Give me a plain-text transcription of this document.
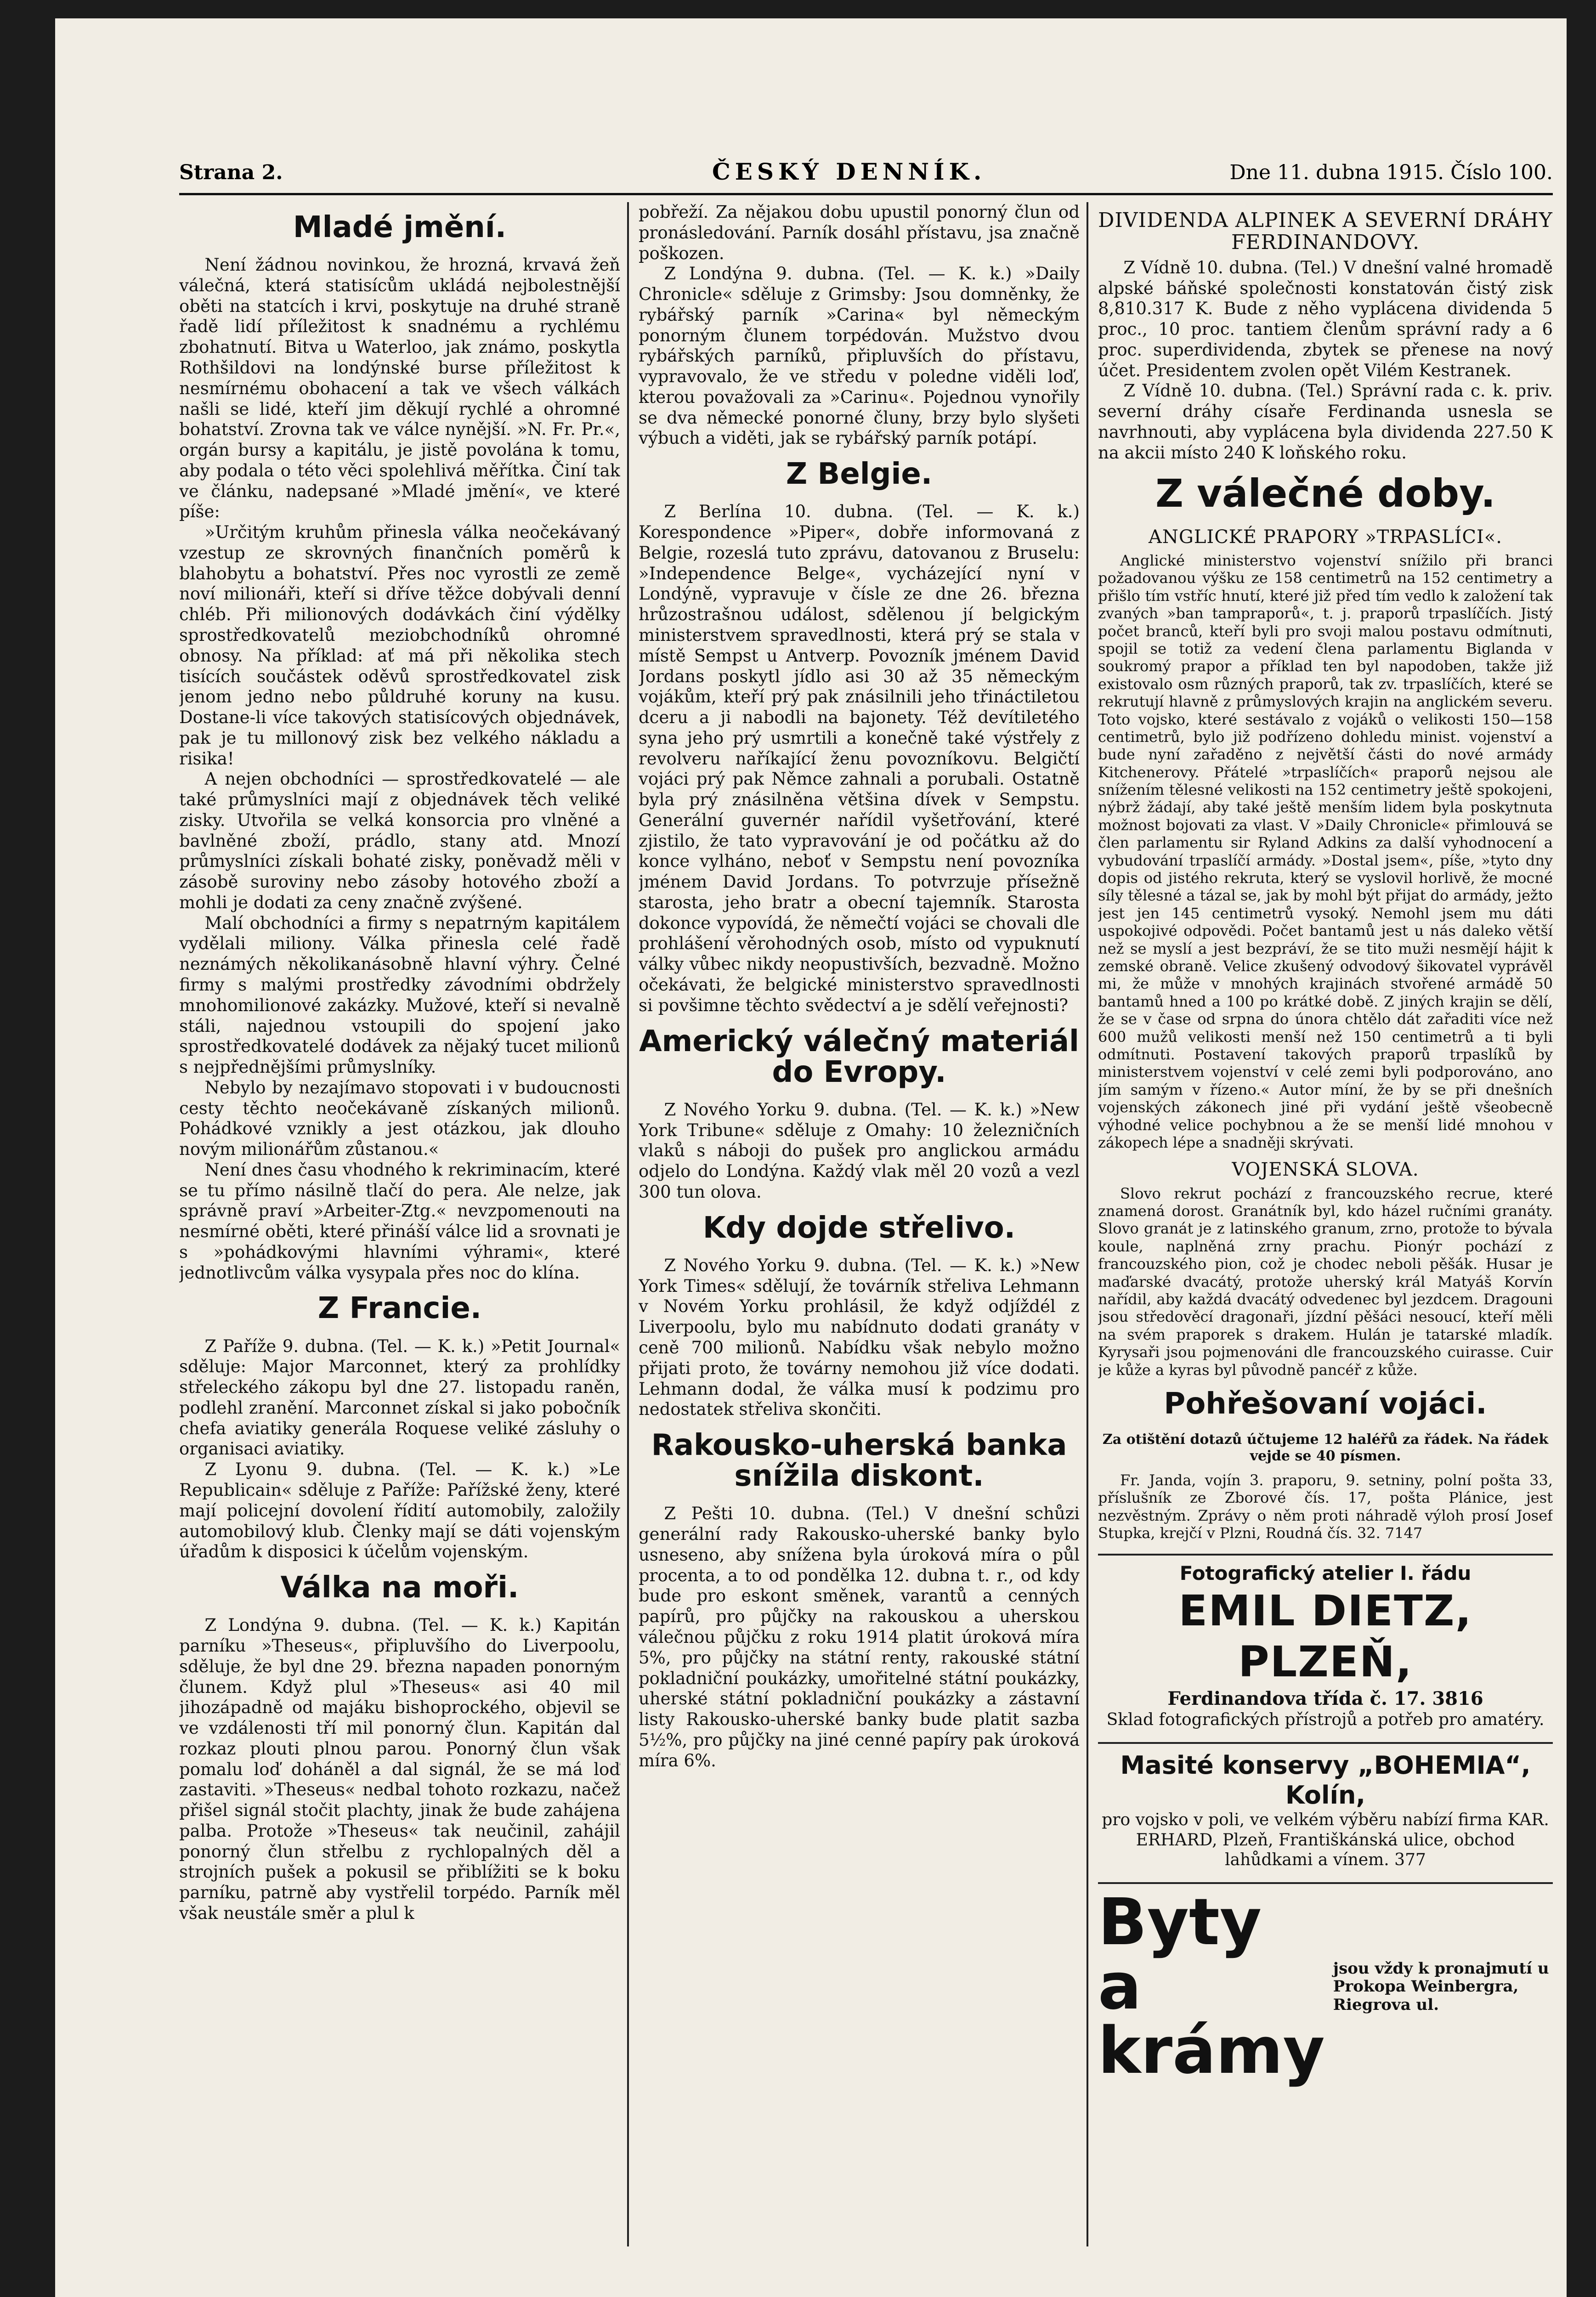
Strana 2.	ČESKÝ DENNÍK.	Dne 11. dubna 1915. Číslo 100.
Mladé jmění.

Není žádnou novinkou, že hrozná, krvavá žeň válečná, která statisícům ukládá nejbolestnější oběti na statcích i krvi, poskytuje na druhé straně řadě lidí příležitost k snadnému a rychlému zbohatnutí. Bitva u Waterloo, jak známo, poskytla Rothšildovi na londýnské burse příležitost k nesmírnému obohacení a tak ve všech válkách našli se lidé, kteří jim děkují rychlé a ohromné bohatství. Zrovna tak ve válce nynější. »N. Fr. Pr.«, orgán bursy a kapitálu, je jistě povolána k tomu, aby podala o této věci spolehlivá měřítka. Činí tak ve článku, nadepsané »Mladé jmění«, ve které píše:

»Určitým kruhům přinesla válka neočekávaný vzestup ze skrovných finančních poměrů k blahobytu a bohatství. Přes noc vyrostli ze země noví milionáři, kteří si dříve těžce dobývali denní chléb. Při milionových dodávkách činí výdělky sprostředkovatelů meziobchodníků ohromné obnosy. Na příklad: ať má při několika stech tisících součástek oděvů sprostředkovatel zisk jenom jedno nebo půldruhé koruny na kusu. Dostane-li více takových statisícových objednávek, pak je tu millonový zisk bez velkého nákladu a risika!

A nejen obchodníci — sprostředkovatelé — ale také průmyslníci mají z objednávek těch veliké zisky. Utvořila se velká konsorcia pro vlněné a bavlněné zboží, prádlo, stany atd. Mnozí průmyslníci získali bohaté zisky, poněvadž měli v zásobě suroviny nebo zásoby hotového zboží a mohli je dodati za ceny značně zvýšené.

Malí obchodníci a firmy s nepatrným kapitálem vydělali miliony. Válka přinesla celé řadě neznámých několikanásobně hlavní výhry. Čelné firmy s malými prostředky závodními obdržely mnohomilionové zakázky. Mužové, kteří si nevalně stáli, najednou vstoupili do spojení jako sprostředkovatelé dodávek za nějaký tucet milionů s nejpřednějšími průmyslníky.

Nebylo by nezajímavo stopovati i v budoucnosti cesty těchto neočekávaně získaných milionů. Pohádkové vznikly a jest otázkou, jak dlouho novým milionářům zůstanou.«

Není dnes času vhodného k rekriminacím, které se tu přímo násilně tlačí do pera. Ale nelze, jak správně praví »Arbeiter-Ztg.« nevzpomenouti na nesmírné oběti, které přináší válce lid a srovnati je s »pohádkovými hlavními výhrami«, které jednotlivcům válka vysypala přes noc do klína.

Z Francie.

Z Paříže 9. dubna. (Tel. — K. k.) »Petit Journal« sděluje: Major Marconnet, který za prohlídky střeleckého zákopu byl dne 27. listopadu raněn, podlehl zranění. Marconnet získal si jako pobočník chefa aviatiky generála Roquese veliké zásluhy o organisaci aviatiky.

Z Lyonu 9. dubna. (Tel. — K. k.) »Le Republicain« sděluje z Paříže: Pařížské ženy, které mají policejní dovolení řídití automobily, založily automobilový klub. Členky mají se dáti vojenským úřadům k disposici k účelům vojenským.

Válka na moři.

Z Londýna 9. dubna. (Tel. — K. k.) Kapitán parníku »Theseus«, připluvšího do Liverpoolu, sděluje, že byl dne 29. března napaden ponorným člunem. Když plul »Theseus« asi 40 mil jihozápadně od majáku bishoprockého, objevil se ve vzdálenosti tří mil ponorný člun. Kapitán dal rozkaz plouti plnou parou. Ponorný člun však pomalu loď doháněl a dal signál, že se má loď zastaviti. »Theseus« nedbal tohoto rozkazu, načež přišel signál stočit plachty, jinak že bude zahájena palba. Protože »Theseus« tak neučinil, zahájil ponorný člun střelbu z rychlopalných děl a strojních pušek a pokusil se přiblížiti se k boku parníku, patrně aby vystřelil torpédo. Parník měl však neustále směr a plul k

pobřeží. Za nějakou dobu upustil ponorný člun od pronásledování. Parník dosáhl přístavu, jsa značně poškozen.

Z Londýna 9. dubna. (Tel. — K. k.) »Daily Chronicle« sděluje z Grimsby: Jsou domněnky, že rybářský parník »Carina« byl německým ponorným člunem torpédován. Mužstvo dvou rybářských parníků, připluvších do přístavu, vypravovalo, že ve středu v poledne viděli loď, kterou považovali za »Carinu«. Pojednou vynořily se dva německé ponorné čluny, brzy bylo slyšeti výbuch a viděti, jak se rybářský parník potápí.

Z Belgie.

Z Berlína 10. dubna. (Tel. — K. k.) Korespondence »Piper«, dobře informovaná z Belgie, rozeslá tuto zprávu, datovanou z Bruselu: »Independence Belge«, vycházející nyní v Londýně, vypravuje v čísle ze dne 26. března hrůzostrašnou událost, sdělenou jí belgickým ministerstvem spravedlnosti, která prý se stala v místě Sempst u Antverp. Povozník jménem David Jordans poskytl jídlo asi 30 až 35 německým vojákům, kteří prý pak znásilnili jeho třináctiletou dceru a ji nabodli na bajonety. Též devítiletého syna jeho prý usmrtili a konečně také výstřely z revolveru naříkající ženu povozníkovu. Belgičtí vojáci prý pak Němce zahnali a porubali. Ostatně byla prý znásilněna většina dívek v Sempstu. Generální guvernér nařídil vyšetřování, které zjistilo, že tato vypravování je od počátku až do konce vylháno, neboť v Sempstu není povozníka jménem David Jordans. To potvrzuje přísežně starosta, jeho bratr a obecní tajemník. Starosta dokonce vypovídá, že němečtí vojáci se chovali dle prohlášení věrohodných osob, místo od vypuknutí války vůbec nikdy neopustivších, bezvadně. Možno očekávati, že belgické ministerstvo spravedlnosti si povšimne těchto svědectví a je sdělí veřejnosti?

Americký válečný materiál do Evropy.

Z Nového Yorku 9. dubna. (Tel. — K. k.) »New York Tribune« sděluje z Omahy: 10 železničních vlaků s náboji do pušek pro anglickou armádu odjelo do Londýna. Každý vlak měl 20 vozů a vezl 300 tun olova.

Kdy dojde střelivo.

Z Nového Yorku 9. dubna. (Tel. — K. k.) »New York Times« sdělují, že továrník střeliva Lehmann v Novém Yorku prohlásil, že když odjíždél z Liverpoolu, bylo mu nabídnuto dodati granáty v ceně 700 milionů. Nabídku však nebylo možno přijati proto, že továrny nemohou již více dodati. Lehmann dodal, že válka musí k podzimu pro nedostatek střeliva skončiti.

Rakousko-uherská banka snížila diskont.

Z Pešti 10. dubna. (Tel.) V dnešní schůzi generální rady Rakousko-uherské banky bylo usneseno, aby snížena byla úroková míra o půl procenta, a to od pondělka 12. dubna t. r., od kdy bude pro eskont směnek, varantů a cenných papírů, pro půjčky na rakouskou a uherskou válečnou půjčku z roku 1914 platit úroková míra 5%, pro půjčky na státní renty, rakouské státní pokladniční poukázky, umořitelné státní poukázky, uherské státní pokladniční poukázky a zástavní listy Rakousko-uherské banky bude platit sazba 5½%, pro půjčky na jiné cenné papíry pak úroková míra 6%.

DIVIDENDA ALPINEK A SEVERNÍ DRÁHY FERDINANDOVY.

Z Vídně 10. dubna. (Tel.) V dnešní valné hromadě alpské báňské společnosti konstatován čistý zisk 8,810.317 K. Bude z něho vyplácena dividenda 5 proc., 10 proc. tantiem členům správní rady a 6 proc. superdividenda, zbytek se přenese na nový účet. Presidentem zvolen opět Vilém Kestranek.

Z Vídně 10. dubna. (Tel.) Správní rada c. k. priv. severní dráhy císaře Ferdinanda usnesla se navrhnouti, aby vyplácena byla dividenda 227.50 K na akcii místo 240 K loňského roku.

Z válečné doby.
ANGLICKÉ PRAPORY »TRPASLÍCI«.

Anglické ministerstvo vojenství snížilo při branci požadovanou výšku ze 158 centimetrů na 152 centimetry a přišlo tím vstříc hnutí, které již před tím vedlo k založení tak zvaných »ban tampraporů«, t. j. praporů trpaslíčích. Jistý počet branců, kteří byli pro svoji malou postavu odmítnuti, spojil se totiž za vedení člena parlamentu Biglanda v soukromý prapor a příklad ten byl napodoben, takže již existovalo osm různých praporů, tak zv. trpaslíčích, které se rekrutují hlavně z průmyslových krajin na anglickém severu. Toto vojsko, které sestávalo z vojáků o velikosti 150—158 centimetrů, bylo již podřízeno dohledu minist. vojenství a bude nyní zařaděno z největší části do nové armády Kitchenerovy. Přátelé »trpaslíčích« praporů nejsou ale snížením tělesné velikosti na 152 centimetry ještě spokojeni, nýbrž žádají, aby také ještě menším lidem byla poskytnuta možnost bojovati za vlast. V »Daily Chronicle« přimlouvá se člen parlamentu sir Ryland Adkins za další vyhodnocení a vybudování trpaslíčí armády. »Dostal jsem«, píše, »tyto dny dopis od jistého rekruta, který se vyslovil horlivě, že mocné síly tělesné a tázal se, jak by mohl být přijat do armády, ježto jest jen 145 centimetrů vysoký. Nemohl jsem mu dáti uspokojivé odpovědi. Počet bantamů jest u nás daleko větší než se myslí a jest bezpráví, že se tito muži nesmějí hájit k zemské obraně. Velice zkušený odvodový šikovatel vyprávěl mi, že může v mnohých krajinách stvořené armádě 50 bantamů hned a 100 po krátké době. Z jiných krajin se dělí, že se v čase od srpna do února chtělo dát zařaditi více než 600 mužů velikosti menší než 150 centimetrů a ti byli odmítnuti. Postavení takových praporů trpaslíků by ministerstvem vojenství v celé zemi byli podporováno, ano jím samým v řízeno.« Autor míní, že by se při dnešních vojenských zákonech jiné při vydání ještě všeobecně výhodné velice pochybnou a že se menší lidé mnohou v zákopech lépe a snadněji skrývati.

VOJENSKÁ SLOVA.

Slovo rekrut pochází z francouzského recrue, které znamená dorost. Granátník byl, kdo házel ručními granáty. Slovo granát je z latinského granum, zrno, protože to bývala koule, naplněná zrny prachu. Pionýr pochází z francouzského pion, což je chodec neboli pěšák. Husar je maďarské dvacátý, protože uherský král Matyáš Korvín nařídil, aby každá dvacátý odvedenec byl jezdcem. Dragouni jsou středověcí dragonaři, jízdní pěšáci nesoucí, kteří měli na svém praporek s drakem. Hulán je tatarské mladík. Kyrysaři jsou pojmenováni dle francouzského cuirasse. Cuir je kůže a kyras byl původně pancéř z kůže.

Pohřešovaní vojáci.
Za otištění dotazů účtujeme 12 haléřů za řádek. Na řádek vejde se 40 písmen.

Fr. Janda, vojín 3. praporu, 9. setniny, polní pošta 33, příslušník ze Zborové čís. 17, pošta Plánice, jest nezvěstným. Zprávy o něm proti náhradě výloh prosí Josef Stupka, krejčí v Plzni, Roudná čís. 32. 7147

Fotografický atelier I. řádu
EMIL DIETZ, PLZEŇ,
Ferdinandova třída č. 17. 3816
Sklad fotografických přístrojů a potřeb pro amatéry.
Masité konservy „BOHEMIA“, Kolín,
pro vojsko v poli, ve velkém výběru nabízí firma KAR. ERHARD, Plzeň, Františkánská ulice, obchod lahůdkami a vínem. 377
Byty a krámy
jsou vždy k pronajmutí u Prokopa Weinbergra, Riegrova ul.
